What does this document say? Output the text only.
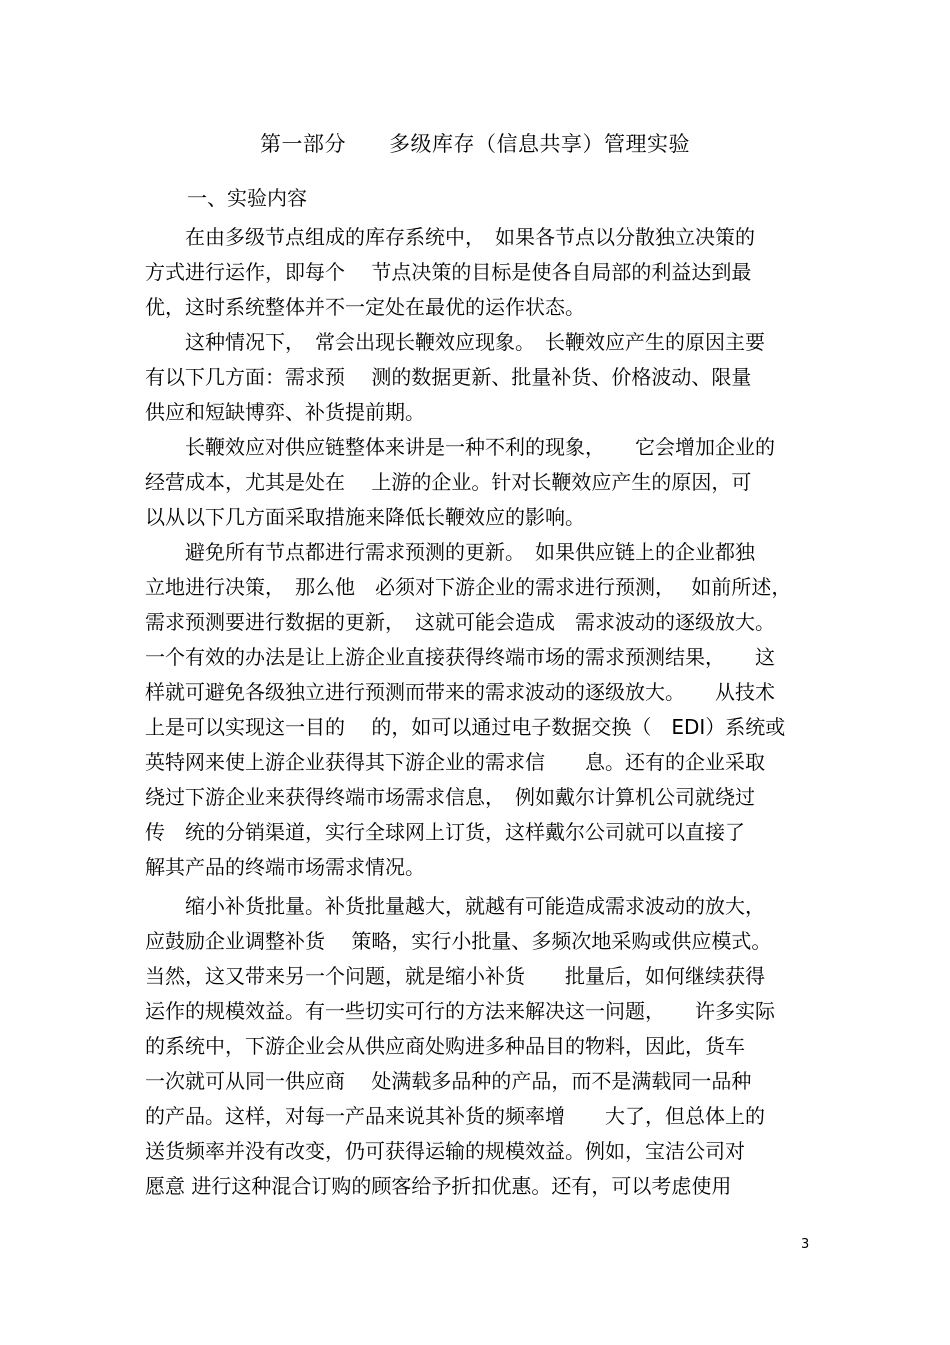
第一部分　　多级库存（信息共享）管理实验
一、实验内容
　　在由多级节点组成的库存系统中，　如果各节点以分散独立决策的
方式进行运作，即每个　 节点决策的目标是使各自局部的利益达到最
优，这时系统整体并不一定处在最优的运作状态。
　　这种情况下，　常会出现长鞭效应现象。　长鞭效应产生的原因主要
有以下几方面：需求预　 测的数据更新、批量补货、价格波动、限量
供应和短缺博弈、补货提前期。
　　长鞭效应对供应链整体来讲是一种不利的现象，　　它会增加企业的
经营成本，尤其是处在　 上游的企业。针对长鞭效应产生的原因，可
以从以下几方面采取措施来降低长鞭效应的影响。
　　避免所有节点都进行需求预测的更新。　如果供应链上的企业都独
立地进行决策，　那么他　必须对下游企业的需求进行预测，　 如前所述，
需求预测要进行数据的更新，　这就可能会造成　需求波动的逐级放大。
一个有效的办法是让上游企业直接获得终端市场的需求预测结果，　　这
样就可避免各级独立进行预测而带来的需求波动的逐级放大。　　从技术
上是可以实现这一目的　 的，如可以通过电子数据交换（　EDI）系统或
英特网来使上游企业获得其下游企业的需求信　　息。还有的企业采取
绕过下游企业来获得终端市场需求信息，　例如戴尔计算机公司就绕过
传　统的分销渠道，实行全球网上订货，这样戴尔公司就可以直接了
解其产品的终端市场需求情况。
　　缩小补货批量。补货批量越大，就越有可能造成需求波动的放大，
应鼓励企业调整补货　 策略，实行小批量、多频次地采购或供应模式。
当然，这又带来另一个问题，就是缩小补货　　批量后，如何继续获得
运作的规模效益。有一些切实可行的方法来解决这一问题，　　许多实际
的系统中，下游企业会从供应商处购进多种品目的物料，因此，货车
一次就可从同一供应商　 处满载多品种的产品，而不是满载同一品种
的产品。这样，对每一产品来说其补货的频率增　　大了，但总体上的
送货频率并没有改变，仍可获得运输的规模效益。例如，宝洁公司对
愿意 进行这种混合订购的顾客给予折扣优惠。还有，可以考虑使用
3
